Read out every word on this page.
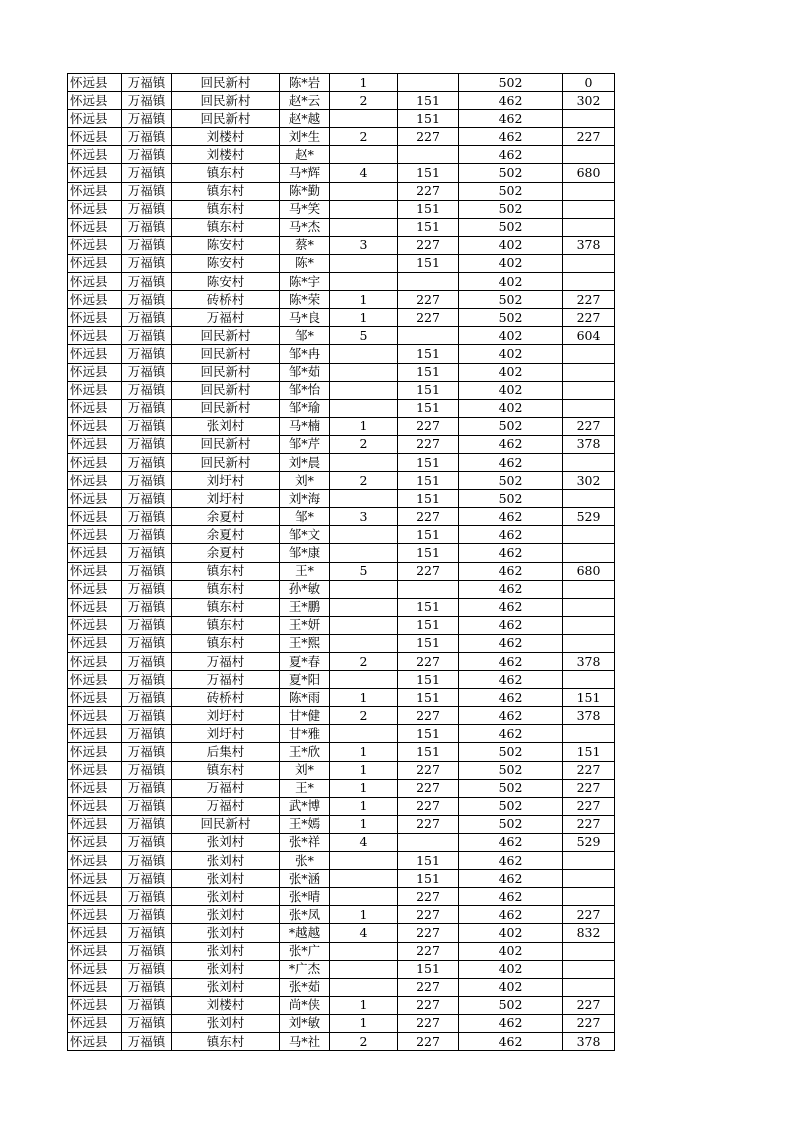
怀远县	万福镇	回民新村	陈*岩	1		502	0
怀远县	万福镇	回民新村	赵*云	2	151	462	302
怀远县	万福镇	回民新村	赵*越		151	462	
怀远县	万福镇	刘楼村	刘*生	2	227	462	227
怀远县	万福镇	刘楼村	赵*			462	
怀远县	万福镇	镇东村	马*辉	4	151	502	680
怀远县	万福镇	镇东村	陈*勤		227	502	
怀远县	万福镇	镇东村	马*笑		151	502	
怀远县	万福镇	镇东村	马*杰		151	502	
怀远县	万福镇	陈安村	蔡*	3	227	402	378
怀远县	万福镇	陈安村	陈*		151	402	
怀远县	万福镇	陈安村	陈*宇			402	
怀远县	万福镇	砖桥村	陈*荣	1	227	502	227
怀远县	万福镇	万福村	马*良	1	227	502	227
怀远县	万福镇	回民新村	邹*	5		402	604
怀远县	万福镇	回民新村	邹*冉		151	402	
怀远县	万福镇	回民新村	邹*茹		151	402	
怀远县	万福镇	回民新村	邹*怡		151	402	
怀远县	万福镇	回民新村	邹*瑜		151	402	
怀远县	万福镇	张刘村	马*楠	1	227	502	227
怀远县	万福镇	回民新村	邹*芹	2	227	462	378
怀远县	万福镇	回民新村	刘*晨		151	462	
怀远县	万福镇	刘圩村	刘*	2	151	502	302
怀远县	万福镇	刘圩村	刘*海		151	502	
怀远县	万福镇	余夏村	邹*	3	227	462	529
怀远县	万福镇	余夏村	邹*文		151	462	
怀远县	万福镇	余夏村	邹*康		151	462	
怀远县	万福镇	镇东村	王*	5	227	462	680
怀远县	万福镇	镇东村	孙*敏			462	
怀远县	万福镇	镇东村	王*鹏		151	462	
怀远县	万福镇	镇东村	王*妍		151	462	
怀远县	万福镇	镇东村	王*熙		151	462	
怀远县	万福镇	万福村	夏*春	2	227	462	378
怀远县	万福镇	万福村	夏*阳		151	462	
怀远县	万福镇	砖桥村	陈*雨	1	151	462	151
怀远县	万福镇	刘圩村	甘*健	2	227	462	378
怀远县	万福镇	刘圩村	甘*雅		151	462	
怀远县	万福镇	后集村	王*欣	1	151	502	151
怀远县	万福镇	镇东村	刘*	1	227	502	227
怀远县	万福镇	万福村	王*	1	227	502	227
怀远县	万福镇	万福村	武*博	1	227	502	227
怀远县	万福镇	回民新村	王*嫣	1	227	502	227
怀远县	万福镇	张刘村	张*祥	4		462	529
怀远县	万福镇	张刘村	张*		151	462	
怀远县	万福镇	张刘村	张*涵		151	462	
怀远县	万福镇	张刘村	张*晴		227	462	
怀远县	万福镇	张刘村	张*凤	1	227	462	227
怀远县	万福镇	张刘村	*越越	4	227	402	832
怀远县	万福镇	张刘村	张*广		227	402	
怀远县	万福镇	张刘村	*广杰		151	402	
怀远县	万福镇	张刘村	张*茹		227	402	
怀远县	万福镇	刘楼村	尚*侠	1	227	502	227
怀远县	万福镇	张刘村	刘*敏	1	227	462	227
怀远县	万福镇	镇东村	马*社	2	227	462	378
